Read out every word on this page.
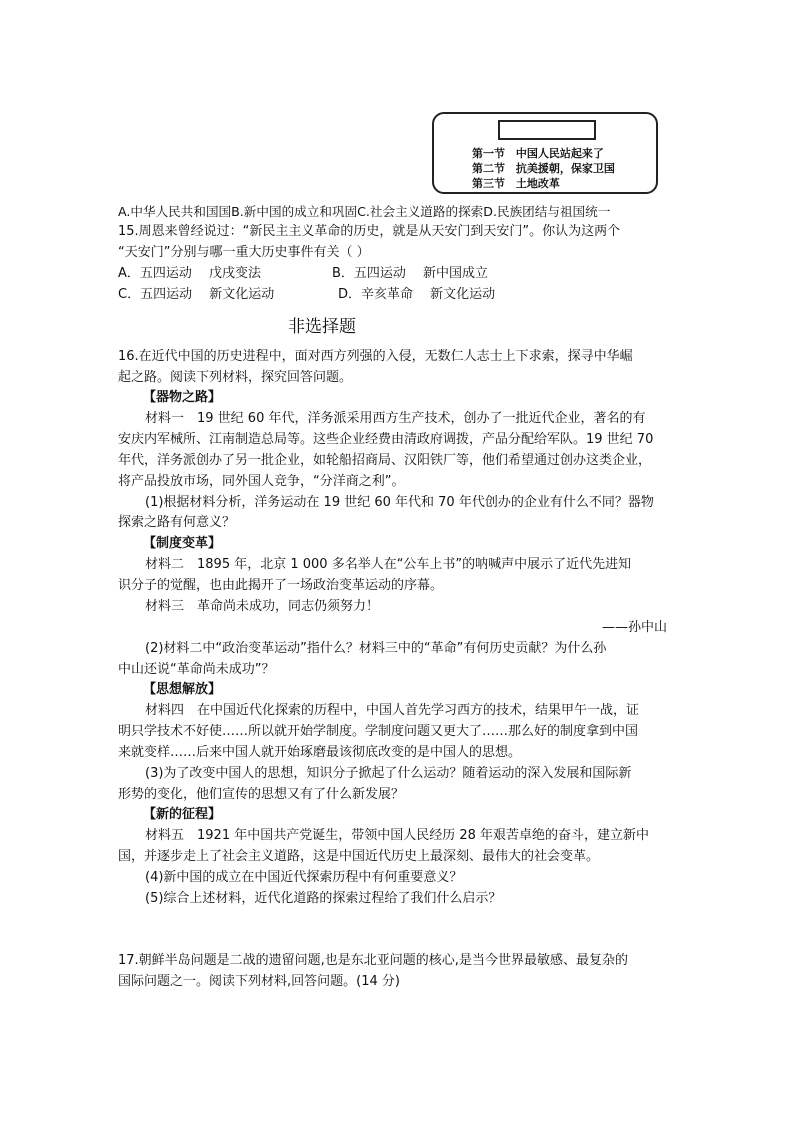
第一节 中国人民站起来了
第二节 抗美援朝，保家卫国
第三节 土地改革
A.中华人民共和国国B.新中国的成立和巩固C.社会主义道路的探索D.民族团结与祖国统一
15.周恩来曾经说过：“新民主主义革命的历史，就是从天安门到天安门”。你认为这两个
“天安门”分别与哪一重大历史事件有关（ ）
A．五四运动　 戊戌变法	B．五四运动　 新中国成立
C．五四运动　 新文化运动	D．辛亥革命　 新文化运动
非选择题
16.在近代中国的历史进程中，面对西方列强的入侵，无数仁人志士上下求索，探寻中华崛
起之路。阅读下列材料，探究回答问题。
【器物之路】
材料一　19 世纪 60 年代，洋务派采用西方生产技术，创办了一批近代企业，著名的有
安庆内军械所、江南制造总局等。这些企业经费由清政府调拨，产品分配给军队。19 世纪 70
年代，洋务派创办了另一批企业，如轮船招商局、汉阳铁厂等，他们希望通过创办这类企业，
将产品投放市场，同外国人竞争，“分洋商之利”。
(1)根据材料分析，洋务运动在 19 世纪 60 年代和 70 年代创办的企业有什么不同？器物
探索之路有何意义？
【制度变革】
材料二　1895 年，北京 1 000 多名举人在“公车上书”的呐喊声中展示了近代先进知
识分子的觉醒，也由此揭开了一场政治变革运动的序幕。
材料三　革命尚未成功，同志仍须努力！
——孙中山
(2)材料二中“政治变革运动”指什么？材料三中的“革命”有何历史贡献？为什么孙
中山还说“革命尚未成功”？
【思想解放】
材料四　在中国近代化探索的历程中，中国人首先学习西方的技术，结果甲午一战，证
明只学技术不好使……所以就开始学制度。学制度问题又更大了……那么好的制度拿到中国
来就变样……后来中国人就开始琢磨最该彻底改变的是中国人的思想。
(3)为了改变中国人的思想，知识分子掀起了什么运动？随着运动的深入发展和国际新
形势的变化，他们宣传的思想又有了什么新发展？
【新的征程】
材料五　1921 年中国共产党诞生，带领中国人民经历 28 年艰苦卓绝的奋斗，建立新中
国，并逐步走上了社会主义道路，这是中国近代历史上最深刻、最伟大的社会变革。
(4)新中国的成立在中国近代探索历程中有何重要意义？
(5)综合上述材料，近代化道路的探索过程给了我们什么启示？
17.朝鲜半岛问题是二战的遗留问题,也是东北亚问题的核心,是当今世界最敏感、最复杂的
国际问题之一。阅读下列材料,回答问题。(14 分)
